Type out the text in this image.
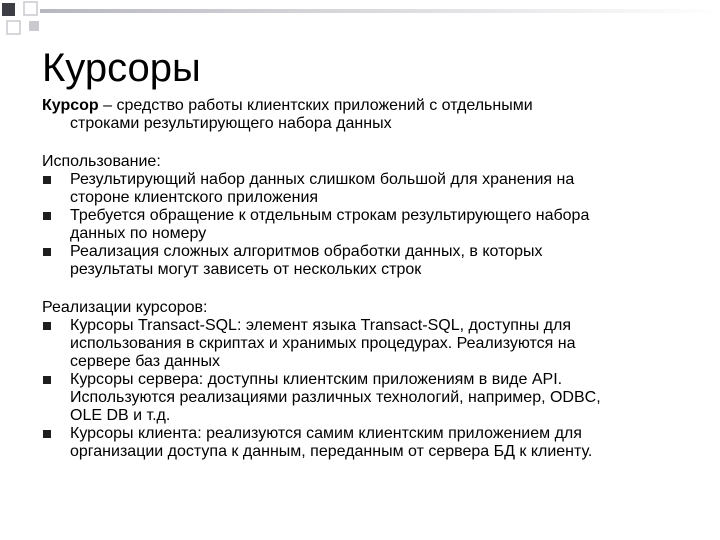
Курсоры
Курсор – средство работы клиентских приложений с отдельными
строками результирующего набора данных
Использование:
Результирующий набор данных слишком большой для хранения на
стороне клиентского приложения
Требуется обращение к отдельным строкам результирующего набора
данных по номеру
Реализация сложных алгоритмов обработки данных, в которых
результаты могут зависеть от нескольких строк
Реализации курсоров:
Курсоры Transact-SQL: элемент языка Transact-SQL, доступны для
использования в скриптах и хранимых процедурах. Реализуются на
сервере баз данных
Курсоры сервера: доступны клиентским приложениям в виде API.
Используются реализациями различных технологий, например, ODBC,
OLE DB и т.д.
Курсоры клиента: реализуются самим клиентским приложением для
организации доступа к данным, переданным от сервера БД к клиенту.
